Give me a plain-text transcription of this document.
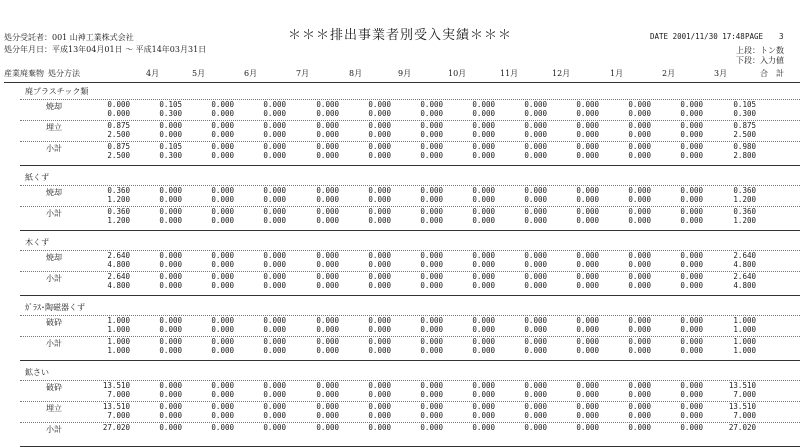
処分受託者：001 山神工業株式会社
処分年月日：平成13年04月01日 ～ 平成14年03月31日
＊＊＊排出事業者別受入実績＊＊＊	DATE 2001/11/30 17:48 PAGE 3
上段：トン数
下段：入力値
産業廃棄物 処分方法	4月	5月	6月	7月	8月	9月	10月	11月	12月	1月	2月	3月	合　計
廃プラスチック類
焼却	0.000	0.105	0.000	0.000	0.000	0.000	0.000	0.000	0.000	0.000	0.000	0.000	0.105
0.000	0.300	0.000	0.000	0.000	0.000	0.000	0.000	0.000	0.000	0.000	0.000	0.300
埋立	0.875	0.000	0.000	0.000	0.000	0.000	0.000	0.000	0.000	0.000	0.000	0.000	0.875
2.500	0.000	0.000	0.000	0.000	0.000	0.000	0.000	0.000	0.000	0.000	0.000	2.500
小計	0.875	0.105	0.000	0.000	0.000	0.000	0.000	0.000	0.000	0.000	0.000	0.000	0.980
2.500	0.300	0.000	0.000	0.000	0.000	0.000	0.000	0.000	0.000	0.000	0.000	2.800
紙くず
焼却	0.360	0.000	0.000	0.000	0.000	0.000	0.000	0.000	0.000	0.000	0.000	0.000	0.360
1.200	0.000	0.000	0.000	0.000	0.000	0.000	0.000	0.000	0.000	0.000	0.000	1.200
小計	0.360	0.000	0.000	0.000	0.000	0.000	0.000	0.000	0.000	0.000	0.000	0.000	0.360
1.200	0.000	0.000	0.000	0.000	0.000	0.000	0.000	0.000	0.000	0.000	0.000	1.200
木くず
焼却	2.640	0.000	0.000	0.000	0.000	0.000	0.000	0.000	0.000	0.000	0.000	0.000	2.640
4.800	0.000	0.000	0.000	0.000	0.000	0.000	0.000	0.000	0.000	0.000	0.000	4.800
小計	2.640	0.000	0.000	0.000	0.000	0.000	0.000	0.000	0.000	0.000	0.000	0.000	2.640
4.800	0.000	0.000	0.000	0.000	0.000	0.000	0.000	0.000	0.000	0.000	0.000	4.800
ｶﾞﾗｽ･陶磁器くず
破砕	1.000	0.000	0.000	0.000	0.000	0.000	0.000	0.000	0.000	0.000	0.000	0.000	1.000
1.000	0.000	0.000	0.000	0.000	0.000	0.000	0.000	0.000	0.000	0.000	0.000	1.000
小計	1.000	0.000	0.000	0.000	0.000	0.000	0.000	0.000	0.000	0.000	0.000	0.000	1.000
1.000	0.000	0.000	0.000	0.000	0.000	0.000	0.000	0.000	0.000	0.000	0.000	1.000
鉱さい
破砕	13.510	0.000	0.000	0.000	0.000	0.000	0.000	0.000	0.000	0.000	0.000	0.000	13.510
7.000	0.000	0.000	0.000	0.000	0.000	0.000	0.000	0.000	0.000	0.000	0.000	7.000
埋立	13.510	0.000	0.000	0.000	0.000	0.000	0.000	0.000	0.000	0.000	0.000	0.000	13.510
7.000	0.000	0.000	0.000	0.000	0.000	0.000	0.000	0.000	0.000	0.000	0.000	7.000
小計	27.020	0.000	0.000	0.000	0.000	0.000	0.000	0.000	0.000	0.000	0.000	0.000	27.020
